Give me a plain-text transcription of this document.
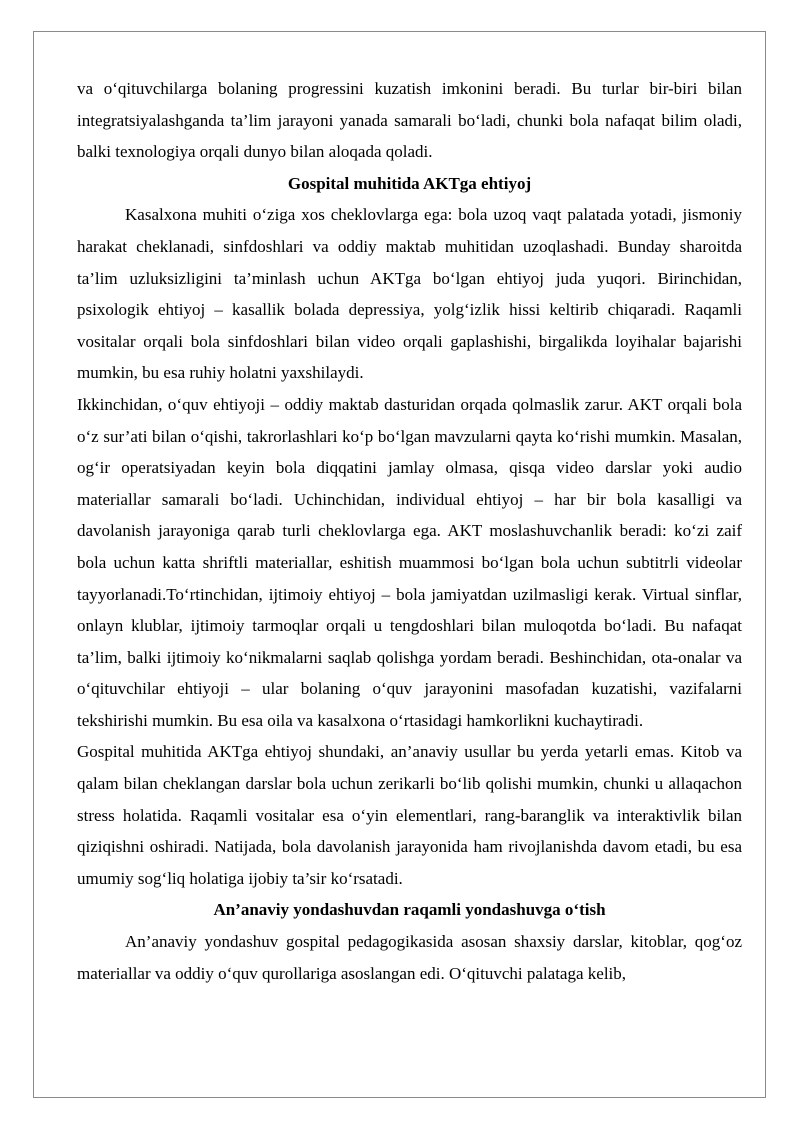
va o‘qituvchilarga bolaning progressini kuzatish imkonini beradi. Bu turlar bir-biri bilan integratsiyalashganda ta’lim jarayoni yanada samarali bo‘ladi, chunki bola nafaqat bilim oladi, balki texnologiya orqali dunyo bilan aloqada qoladi.

Gospital muhitida AKTga ehtiyoj

Kasalxona muhiti o‘ziga xos cheklovlarga ega: bola uzoq vaqt palatada yotadi, jismoniy harakat cheklanadi, sinfdoshlari va oddiy maktab muhitidan uzoqlashadi. Bunday sharoitda ta’lim uzluksizligini ta’minlash uchun AKTga bo‘lgan ehtiyoj juda yuqori. Birinchidan, psixologik ehtiyoj – kasallik bolada depressiya, yolg‘izlik hissi keltirib chiqaradi. Raqamli vositalar orqali bola sinfdoshlari bilan video orqali gaplashishi, birgalikda loyihalar bajarishi mumkin, bu esa ruhiy holatni yaxshilaydi.

Ikkinchidan, o‘quv ehtiyoji – oddiy maktab dasturidan orqada qolmaslik zarur. AKT orqali bola o‘z sur’ati bilan o‘qishi, takrorlashlari ko‘p bo‘lgan mavzularni qayta ko‘rishi mumkin. Masalan, og‘ir operatsiyadan keyin bola diqqatini jamlay olmasa, qisqa video darslar yoki audio materiallar samarali bo‘ladi. Uchinchidan, individual ehtiyoj – har bir bola kasalligi va davolanish jarayoniga qarab turli cheklovlarga ega. AKT moslashuvchanlik beradi: ko‘zi zaif bola uchun katta shriftli materiallar, eshitish muammosi bo‘lgan bola uchun subtitrli videolar tayyorlanadi.To‘rtinchidan, ijtimoiy ehtiyoj – bola jamiyatdan uzilmasligi kerak. Virtual sinflar, onlayn klublar, ijtimoiy tarmoqlar orqali u tengdoshlari bilan muloqotda bo‘ladi. Bu nafaqat ta’lim, balki ijtimoiy ko‘nikmalarni saqlab qolishga yordam beradi. Beshinchidan, ota-onalar va o‘qituvchilar ehtiyoji – ular bolaning o‘quv jarayonini masofadan kuzatishi, vazifalarni tekshirishi mumkin. Bu esa oila va kasalxona o‘rtasidagi hamkorlikni kuchaytiradi.

Gospital muhitida AKTga ehtiyoj shundaki, an’anaviy usullar bu yerda yetarli emas. Kitob va qalam bilan cheklangan darslar bola uchun zerikarli bo‘lib qolishi mumkin, chunki u allaqachon stress holatida. Raqamli vositalar esa o‘yin elementlari, rang-baranglik va interaktivlik bilan qiziqishni oshiradi. Natijada, bola davolanish jarayonida ham rivojlanishda davom etadi, bu esa umumiy sog‘liq holatiga ijobiy ta’sir ko‘rsatadi.

An’anaviy yondashuvdan raqamli yondashuvga o‘tish

An’anaviy yondashuv gospital pedagogikasida asosan shaxsiy darslar, kitoblar, qog‘oz materiallar va oddiy o‘quv qurollariga asoslangan edi. O‘qituvchi palataga kelib,
